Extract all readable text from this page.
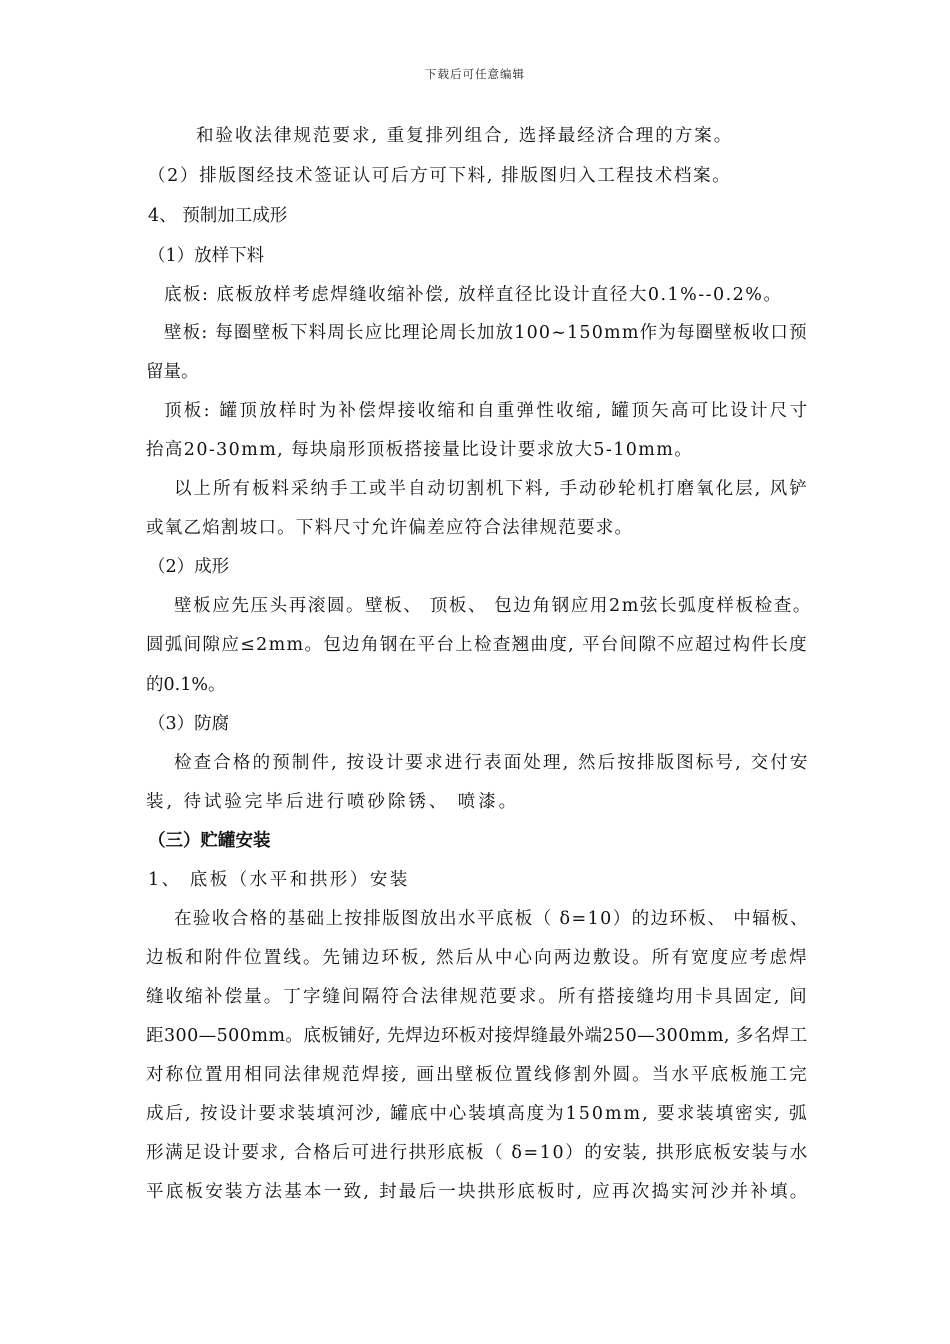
下载后可任意编辑
和验收法律规范要求, 重复排列组合, 选择最经济合理的方案。
（2）排版图经技术签证认可后方可下料, 排版图归入工程技术档案。
4、 预制加工成形
（1）放样下料
底板: 底板放样考虑焊缝收缩补偿, 放样直径比设计直径大0.1%--0.2%。
壁板: 每圈壁板下料周长应比理论周长加放100~150mm作为每圈壁板收口预
留量。
顶板: 罐顶放样时为补偿焊接收缩和自重弹性收缩, 罐顶矢高可比设计尺寸
抬高20-30mm, 每块扇形顶板搭接量比设计要求放大5-10mm。
以上所有板料采纳手工或半自动切割机下料, 手动砂轮机打磨氧化层, 风铲
或氧乙焰割坡口。下料尺寸允许偏差应符合法律规范要求。
（2）成形
壁板应先压头再滚圆。壁板、 顶板、 包边角钢应用2m弦长弧度样板检查。
圆弧间隙应≤2mm。包边角钢在平台上检查翘曲度, 平台间隙不应超过构件长度
的0.1%。
（3）防腐
检查合格的预制件, 按设计要求进行表面处理, 然后按排版图标号, 交付安
装, 待试验完毕后进行喷砂除锈、 喷漆。
（三）贮罐安装
1、 底板（水平和拱形）安装
在验收合格的基础上按排版图放出水平底板（ δ=10）的边环板、 中辐板、
边板和附件位置线。先铺边环板, 然后从中心向两边敷设。所有宽度应考虑焊
缝收缩补偿量。丁字缝间隔符合法律规范要求。所有搭接缝均用卡具固定, 间
距300—500mm。底板铺好, 先焊边环板对接焊缝最外端250—300mm, 多名焊工
对称位置用相同法律规范焊接, 画出壁板位置线修割外圆。当水平底板施工完
成后, 按设计要求装填河沙, 罐底中心装填高度为150mm, 要求装填密实, 弧
形满足设计要求, 合格后可进行拱形底板（ δ=10）的安装, 拱形底板安装与水
平底板安装方法基本一致, 封最后一块拱形底板时, 应再次捣实河沙并补填。
